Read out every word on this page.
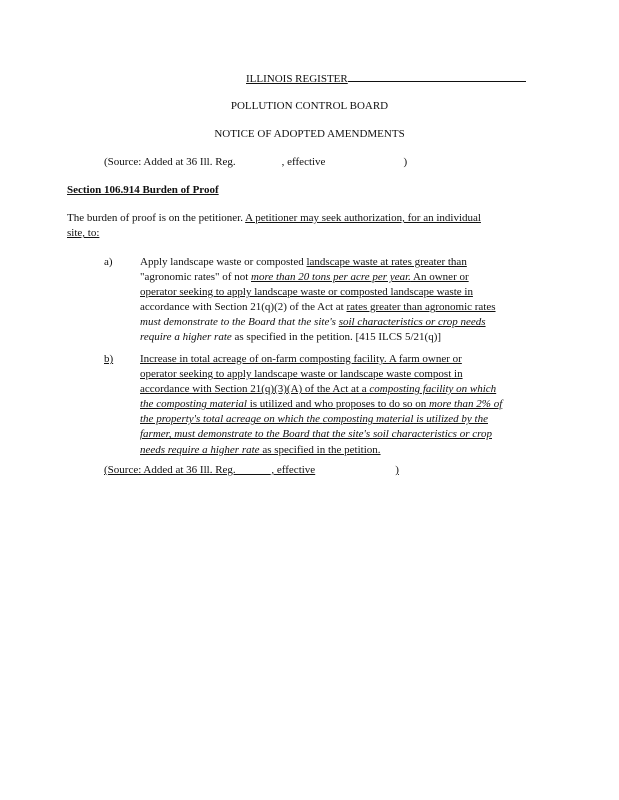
ILLINOIS REGISTER
POLLUTION CONTROL BOARD
NOTICE OF ADOPTED AMENDMENTS
(Source: Added at 36 Ill. Reg.	, effective	)
Section 106.914 Burden of Proof
The burden of proof is on the petitioner. A petitioner may seek authorization, for an individual
site, to:
a) Apply landscape waste or composted landscape waste at rates greater than
"agronomic rates" of not more than 20 tons per acre per year. An owner or
operator seeking to apply landscape waste or composted landscape waste in
accordance with Section 21(q)(2) of the Act at rates greater than agronomic rates
must demonstrate to the Board that the site's soil characteristics or crop needs
require a higher rate as specified in the petition. [415 ILCS 5/21(q)]
b) Increase in total acreage of on-farm composting facility. A farm owner or
operator seeking to apply landscape waste or landscape waste compost in
accordance with Section 21(q)(3)(A) of the Act at a composting facility on which
the composting material is utilized and who proposes to do so on more than 2% of
the property's total acreage on which the composting material is utilized by the
farmer, must demonstrate to the Board that the site's soil characteristics or crop
needs require a higher rate as specified in the petition.
(Source: Added at 36 Ill. Reg. ______, effective	)
